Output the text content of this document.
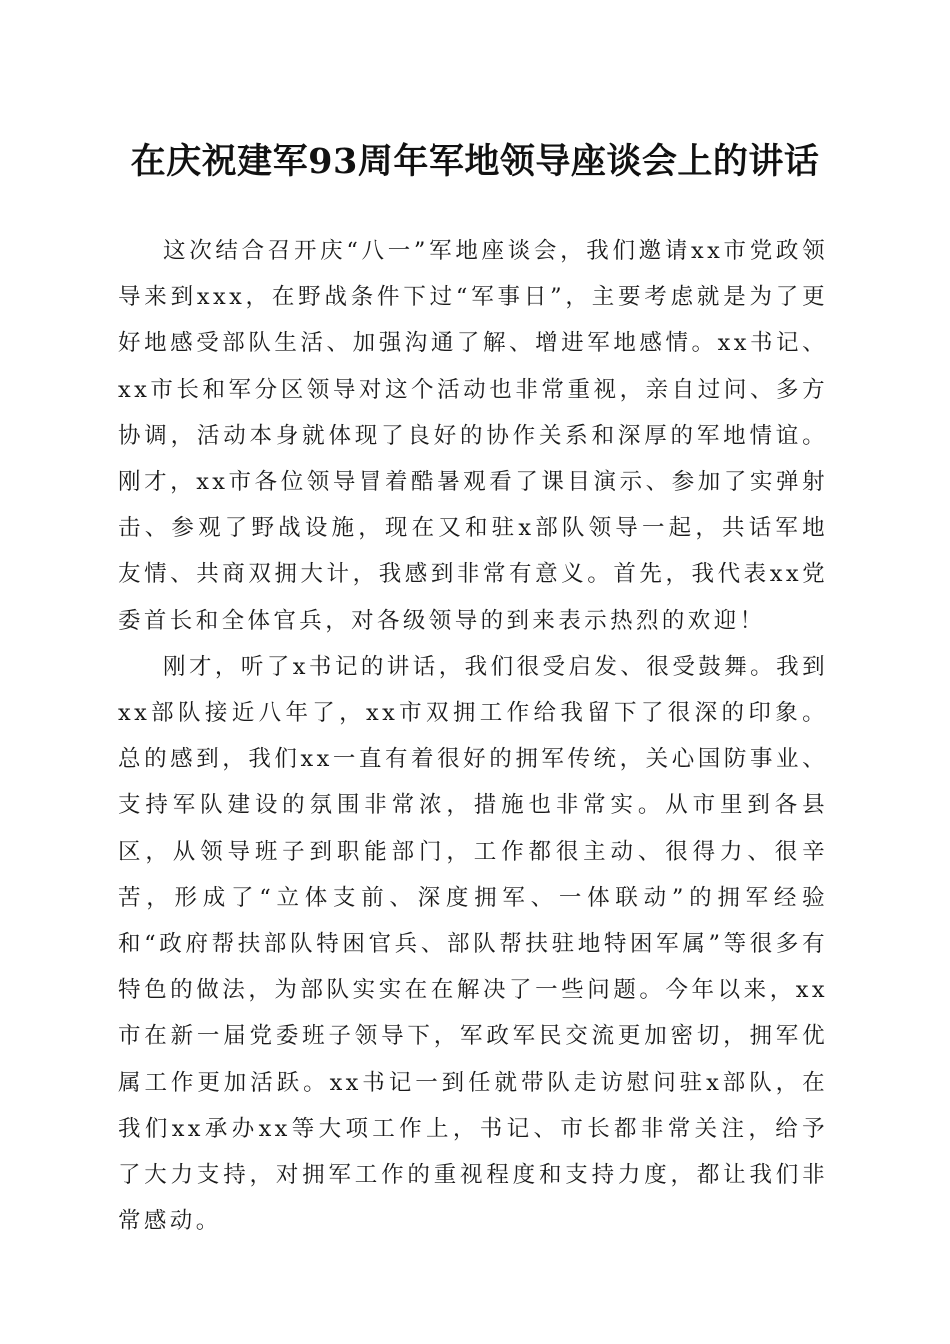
在庆祝建军93周年军地领导座谈会上的讲话

这次结合召开庆“八一”军地座谈会，我们邀请xx市党政领导来到xxx，在野战条件下过“军事日”，主要考虑就是为了更好地感受部队生活、加强沟通了解、增进军地感情。xx书记、xx市长和军分区领导对这个活动也非常重视，亲自过问、多方协调，活动本身就体现了良好的协作关系和深厚的军地情谊。刚才，xx市各位领导冒着酷暑观看了课目演示、参加了实弹射击、参观了野战设施，现在又和驻x部队领导一起，共话军地友情、共商双拥大计，我感到非常有意义。首先，我代表xx党委首长和全体官兵，对各级领导的到来表示热烈的欢迎！

刚才，听了x书记的讲话，我们很受启发、很受鼓舞。我到xx部队接近八年了，xx市双拥工作给我留下了很深的印象。总的感到，我们xx一直有着很好的拥军传统，关心国防事业、支持军队建设的氛围非常浓，措施也非常实。从市里到各县区，从领导班子到职能部门，工作都很主动、很得力、很辛苦，形成了“立体支前、深度拥军、一体联动”的拥军经验和“政府帮扶部队特困官兵、部队帮扶驻地特困军属”等很多有特色的做法，为部队实实在在解决了一些问题。今年以来，xx市在新一届党委班子领导下，军政军民交流更加密切，拥军优属工作更加活跃。xx书记一到任就带队走访慰问驻x部队，在我们xx承办xx等大项工作上，书记、市长都非常关注，给予了大力支持，对拥军工作的重视程度和支持力度，都让我们非常感动。
